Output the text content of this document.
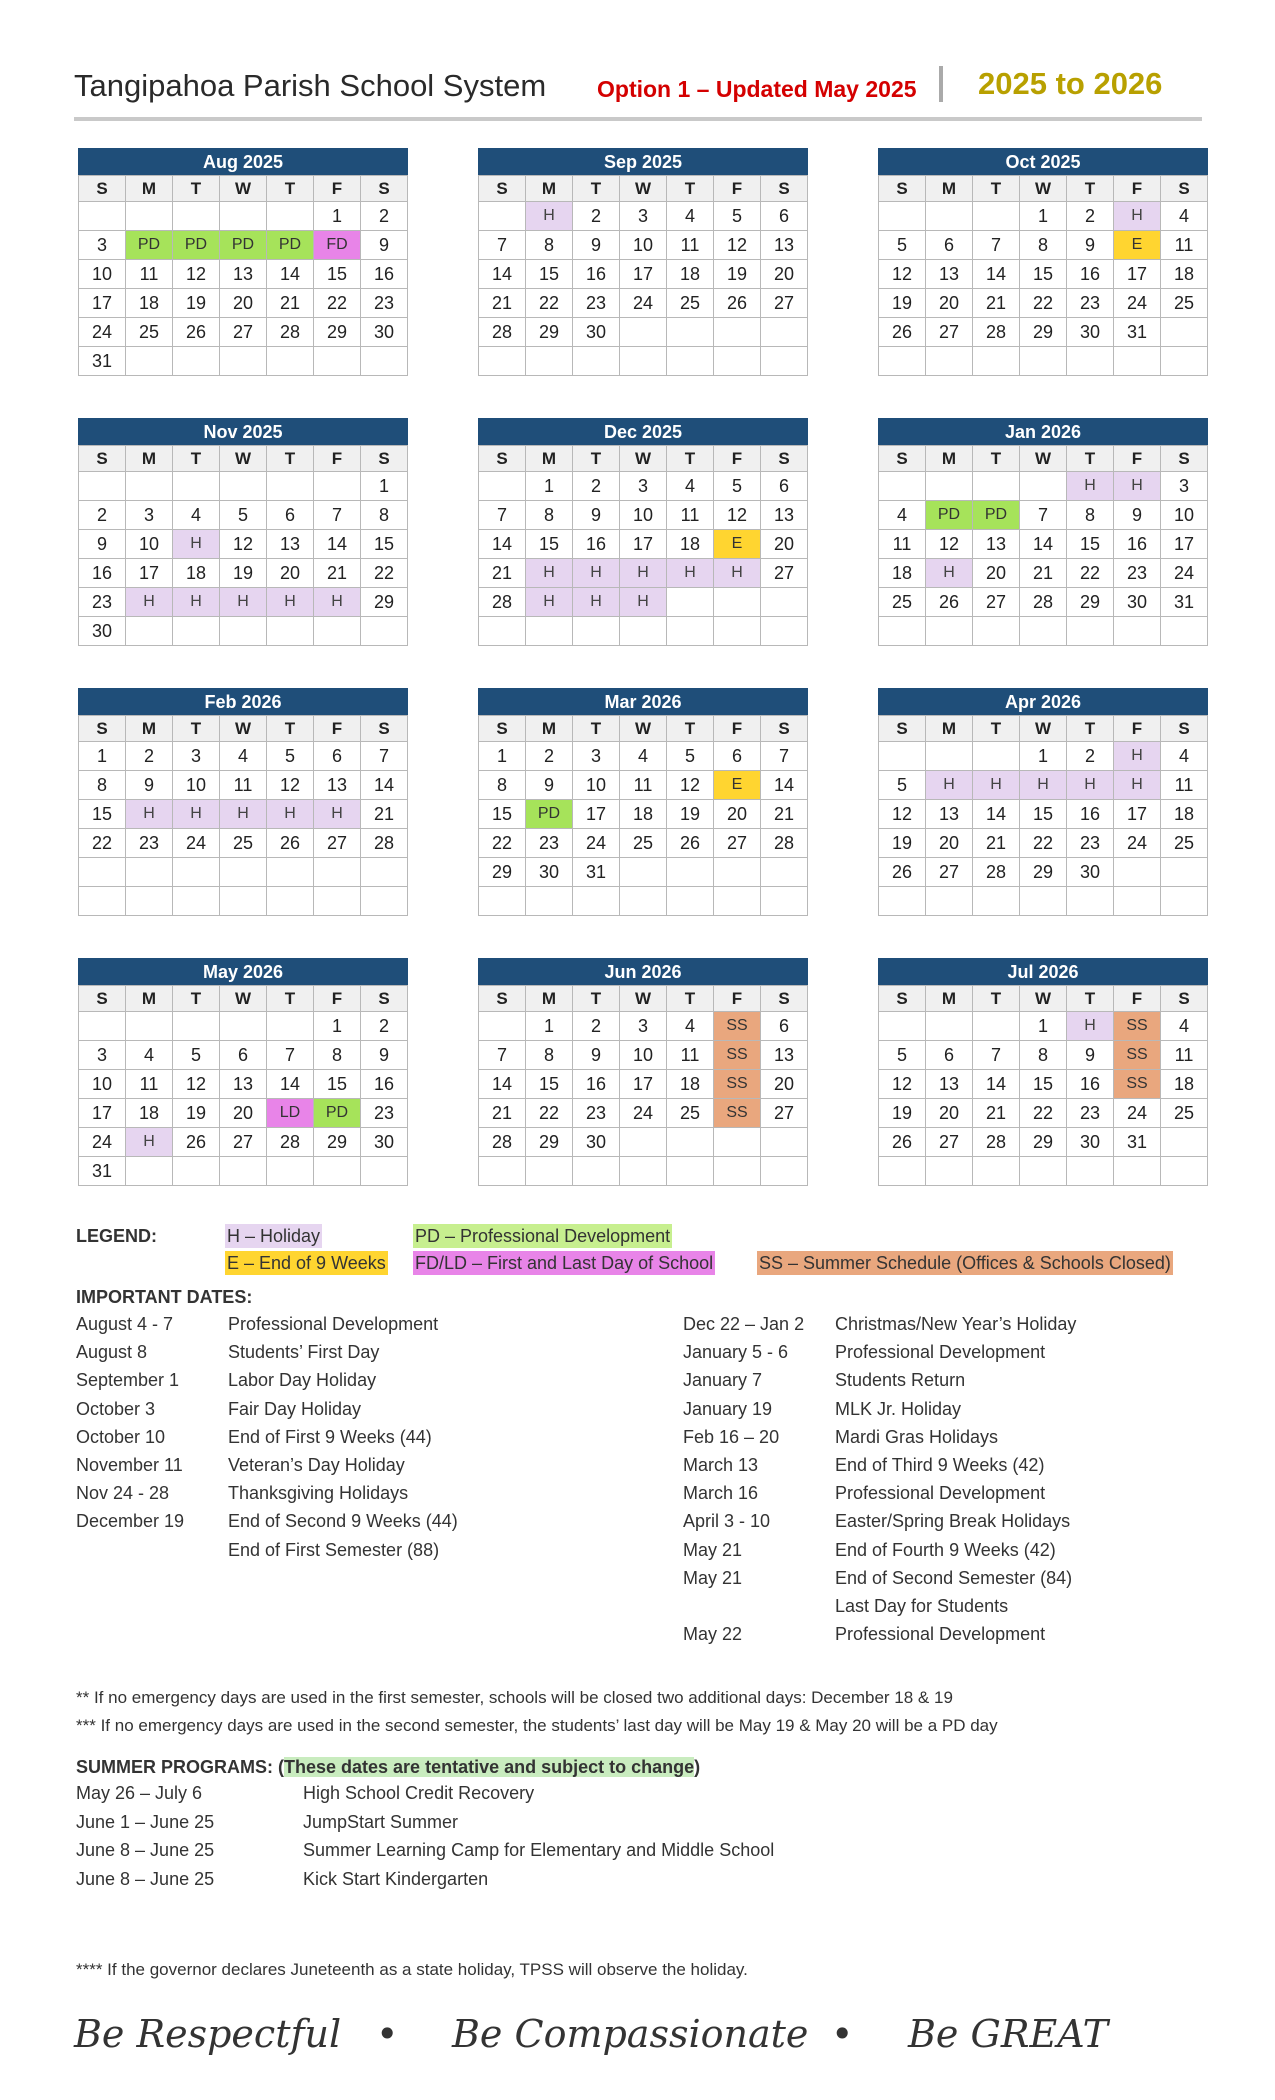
Tangipahoa Parish School System Option 1 – Updated May 2025 2025 to 2026
Aug 2025
S	M	T	W	T	F	S
					1	2
3	PD	PD	PD	PD	FD	9
10	11	12	13	14	15	16
17	18	19	20	21	22	23
24	25	26	27	28	29	30
31						
Sep 2025
S	M	T	W	T	F	S
	H	2	3	4	5	6
7	8	9	10	11	12	13
14	15	16	17	18	19	20
21	22	23	24	25	26	27
28	29	30				

Oct 2025
S	M	T	W	T	F	S
			1	2	H	4
5	6	7	8	9	E	11
12	13	14	15	16	17	18
19	20	21	22	23	24	25
26	27	28	29	30	31	

Nov 2025
S	M	T	W	T	F	S
						1
2	3	4	5	6	7	8
9	10	H	12	13	14	15
16	17	18	19	20	21	22
23	H	H	H	H	H	29
30						
Dec 2025
S	M	T	W	T	F	S
	1	2	3	4	5	6
7	8	9	10	11	12	13
14	15	16	17	18	E	20
21	H	H	H	H	H	27
28	H	H	H			

Jan 2026
S	M	T	W	T	F	S
				H	H	3
4	PD	PD	7	8	9	10
11	12	13	14	15	16	17
18	H	20	21	22	23	24
25	26	27	28	29	30	31

Feb 2026
S	M	T	W	T	F	S
1	2	3	4	5	6	7
8	9	10	11	12	13	14
15	H	H	H	H	H	21
22	23	24	25	26	27	28

Mar 2026
S	M	T	W	T	F	S
1	2	3	4	5	6	7
8	9	10	11	12	E	14
15	PD	17	18	19	20	21
22	23	24	25	26	27	28
29	30	31				

Apr 2026
S	M	T	W	T	F	S
			1	2	H	4
5	H	H	H	H	H	11
12	13	14	15	16	17	18
19	20	21	22	23	24	25
26	27	28	29	30		

May 2026
S	M	T	W	T	F	S
					1	2
3	4	5	6	7	8	9
10	11	12	13	14	15	16
17	18	19	20	LD	PD	23
24	H	26	27	28	29	30
31						
Jun 2026
S	M	T	W	T	F	S
	1	2	3	4	SS	6
7	8	9	10	11	SS	13
14	15	16	17	18	SS	20
21	22	23	24	25	SS	27
28	29	30				

Jul 2026
S	M	T	W	T	F	S
			1	H	SS	4
5	6	7	8	9	SS	11
12	13	14	15	16	SS	18
19	20	21	22	23	24	25
26	27	28	29	30	31	

LEGEND:	H – Holiday	PD – Professional Development
E – End of 9 Weeks FD/LD – First and Last Day of School	SS – Summer Schedule (Offices & Schools Closed)
IMPORTANT DATES:
August 4 - 7	Professional Development
August 8	Students’ First Day
September 1	Labor Day Holiday
October 3	Fair Day Holiday
October 10	End of First 9 Weeks (44)
November 11	Veteran’s Day Holiday
Nov 24 - 28	Thanksgiving Holidays
December 19 End of Second 9 Weeks (44)
End of First Semester (88)
Dec 22 – Jan 2 Christmas/New Year’s Holiday
January 5 - 6	Professional Development
January 7	Students Return
January 19	MLK Jr. Holiday
Feb 16 – 20	Mardi Gras Holidays
March 13	End of Third 9 Weeks (42)
March 16	Professional Development
April 3 - 10	Easter/Spring Break Holidays
May 21	End of Fourth 9 Weeks (42)
May 21	End of Second Semester (84)
Last Day for Students
May 22	Professional Development
** If no emergency days are used in the first semester, schools will be closed two additional days: December 18 & 19
*** If no emergency days are used in the second semester, the students’ last day will be May 19 & May 20 will be a PD day
SUMMER PROGRAMS: (These dates are tentative and subject to change)
May 26 – July 6	High School Credit Recovery
June 1 – June 25	JumpStart Summer
June 8 – June 25	Summer Learning Camp for Elementary and Middle School
June 8 – June 25	Kick Start Kindergarten
**** If the governor declares Juneteenth as a state holiday, TPSS will observe the holiday.
Be Respectful • Be Compassionate • Be GREAT
